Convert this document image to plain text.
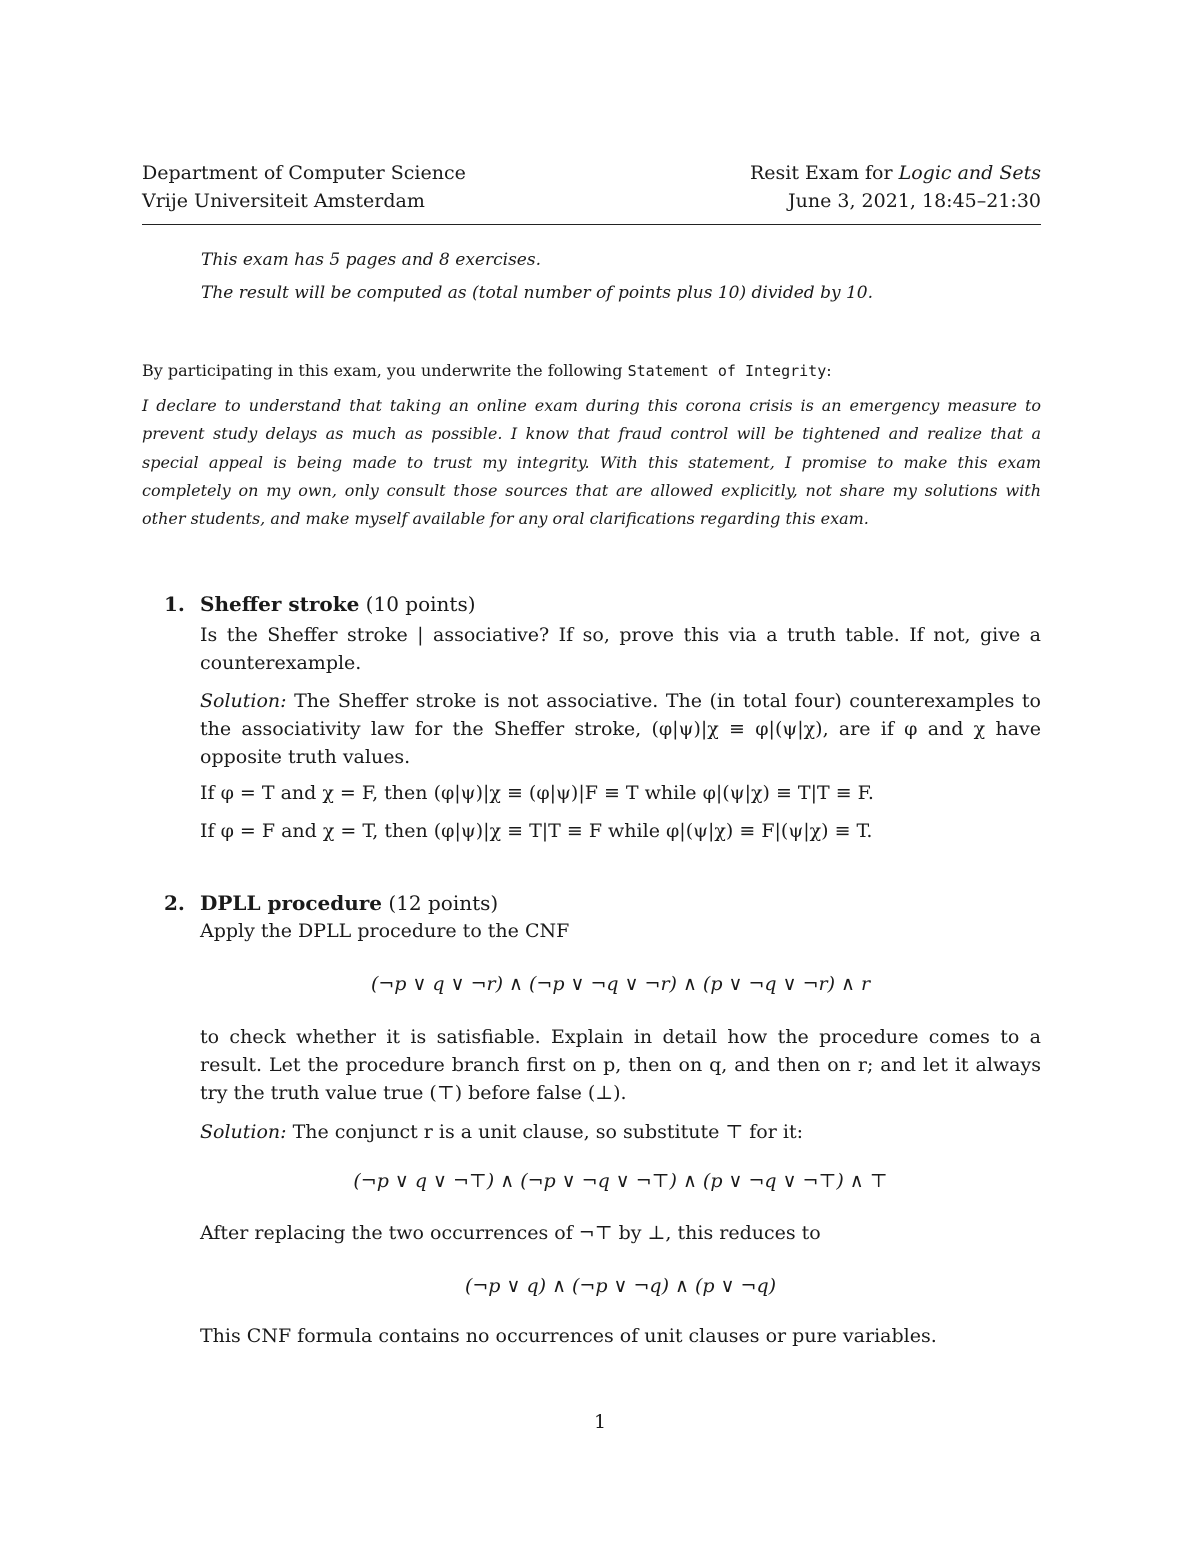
Department of Computer Science	Resit Exam for Logic and Sets
Vrije Universiteit Amsterdam	June 3, 2021, 18:45–21:30
This exam has 5 pages and 8 exercises.
The result will be computed as (total number of points plus 10) divided by 10.
By participating in this exam, you underwrite the following Statement of Integrity:
I declare to understand that taking an online exam during this corona crisis is an emergency measure to prevent study delays as much as possible. I know that fraud control will be tightened and realize that a special appeal is being made to trust my integrity. With this statement, I promise to make this exam completely on my own, only consult those sources that are allowed explicitly, not share my solutions with other students, and make myself available for any oral clarifications regarding this exam.
1. Sheffer stroke (10 points)
Is the Sheffer stroke | associative? If so, prove this via a truth table. If not, give a counterexample.
Solution: The Sheffer stroke is not associative. The (in total four) counterexamples to the associativity law for the Sheffer stroke, (φ|ψ)|χ ≡ φ|(ψ|χ), are if φ and χ have opposite truth values.
If φ = T and χ = F, then (φ|ψ)|χ ≡ (φ|ψ)|F ≡ T while φ|(ψ|χ) ≡ T|T ≡ F.
If φ = F and χ = T, then (φ|ψ)|χ ≡ T|T ≡ F while φ|(ψ|χ) ≡ F|(ψ|χ) ≡ T.
2. DPLL procedure (12 points)
Apply the DPLL procedure to the CNF
(¬p ∨ q ∨ ¬r) ∧ (¬p ∨ ¬q ∨ ¬r) ∧ (p ∨ ¬q ∨ ¬r) ∧ r
to check whether it is satisfiable. Explain in detail how the procedure comes to a result. Let the procedure branch first on p, then on q, and then on r; and let it always try the truth value true (⊤) before false (⊥).
Solution: The conjunct r is a unit clause, so substitute ⊤ for it:
(¬p ∨ q ∨ ¬⊤) ∧ (¬p ∨ ¬q ∨ ¬⊤) ∧ (p ∨ ¬q ∨ ¬⊤) ∧ ⊤
After replacing the two occurrences of ¬⊤ by ⊥, this reduces to
(¬p ∨ q) ∧ (¬p ∨ ¬q) ∧ (p ∨ ¬q)
This CNF formula contains no occurrences of unit clauses or pure variables.
1
